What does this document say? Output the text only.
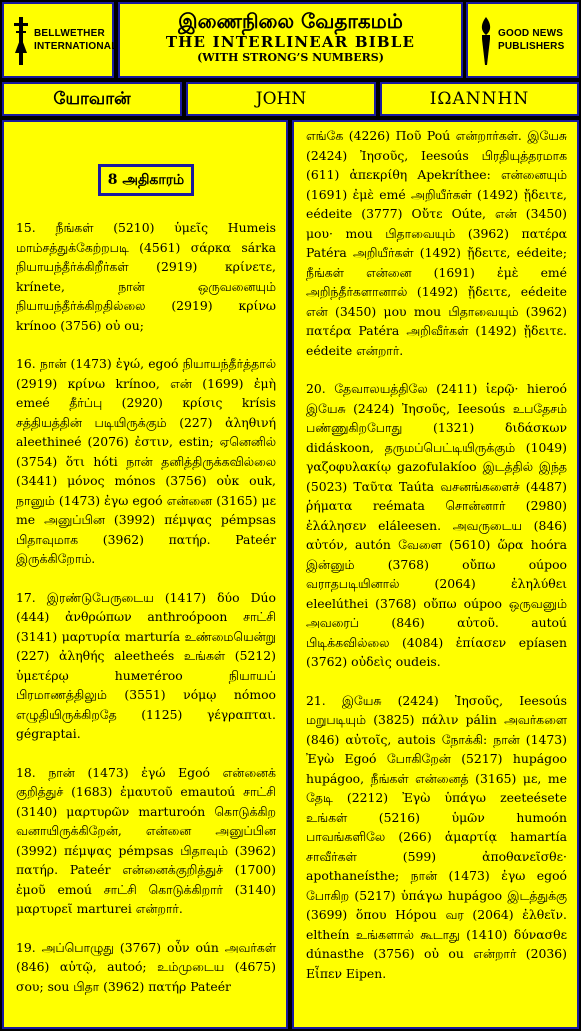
BELLWETHER
INTERNATIONAL
இணைநிலை வேதாகமம்
THE INTERLINEAR BIBLE
(WITH STRONG’S NUMBERS)
GOOD NEWS
PUBLISHERS
யோவான்	JOHN	IΩANNHN
8 அதிகாரம்

15. நீங்கள் (5210) ὑμεῖς Humeis மாம்சத்துக்கேற்றபடி (4561) σάρκα sárka நியாயந்தீர்க்கிறீர்கள் (2919) κρίνετε, krínete, நான் ஒருவனையும் நியாயந்தீர்க்கிறதில்லை (2919) κρίνω krínoo (3756) οὐ ou;

16. நான் (1473) ἐγώ, egoó நியாயந்தீர்த்தால் (2919) κρίνω krínoo, என் (1699) ἐμὴ emeé தீர்ப்பு (2920) κρίσις krísis சத்தியத்தின் படியிருக்கும் (227) ἀληθινή aleethineé (2076) ἐστιν, estin; ஏனெனில் (3754) ὅτι hóti நான் தனித்திருக்கவில்லை (3441) μόνος mónos (3756) οὐκ ouk, நானும் (1473) ἐγω egoó என்னை (3165) με me அனுப்பின (3992) πέμψας pémpsas பிதாவுமாக (3962) πατήρ. Pateér இருக்கிறோம்.

17. இரண்டுபேருடைய (1417) δύο Dúo (444) ἀνθρώπων anthroópoon சாட்சி (3141) μαρτυρία marturía உண்மையென்று (227) ἀληθής aleetheés உங்கள் (5212) ὑμετέρῳ huметéroo நியாயப் பிரமாணத்திலும் (3551) νόμῳ nómoo எழுதியிருக்கிறதே (1125) γέγραπται. gégraptai.

18. நான் (1473) ἐγώ Egoó என்னைக் குறித்துச் (1683) ἐμαυτοῦ emautoú சாட்சி (3140) μαρτυρῶν marturoón கொடுக்கிற வனாயிருக்கிறேன், என்னை அனுப்பின (3992) πέμψας pémpsas பிதாவும் (3962) πατήρ. Pateér என்னைக்குறித்துச் (1700) ἐμοῦ emoú சாட்சி கொடுக்கிறார் (3140) μαρτυρεῖ marturei என்றார்.

19. அப்பொழுது (3767) οὖν oún அவர்கள் (846) αὐτῷ, autoó; உம்முடைய (4675) σου; sou பிதா (3962) πατήρ Pateér

எங்கே (4226) Ποῦ Poú என்றார்கள். இயேசு (2424) Ἰησοῦς, Ieesoús பிரதியுத்தரமாக (611) ἀπεκρίθη Apekríthee: என்னையும் (1691) ἐμὲ emé அறியீர்கள் (1492) ᾔδειτε, eédeite (3777) Οὔτε Oúte, என் (3450) μου· mou பிதாவையும் (3962) πατέρα Patéra அறியீர்கள் (1492) ᾔδειτε, eédeite; நீங்கள் என்னை (1691) ἐμὲ emé அறிந்தீர்களானால் (1492) ᾔδειτε, eédeite என் (3450) μου mou பிதாவையும் (3962) πατέρα Patéra அறிவீர்கள் (1492) ᾔδειτε. eédeite என்றார்.

20. தேவாலயத்திலே (2411) ἱερῷ· hieroó இயேசு (2424) Ἰησοῦς, Ieesoús உபதேசம் பண்ணுகிறபோது (1321) διδάσκων didáskoon, தருமப்பெட்டியிருக்கும் (1049) γαζοφυλακίῳ gazofulakíoo இடத்தில் இந்த (5023) Ταῦτα Taúta வசனங்களைச் (4487) ῥήματα reémata சொன்னார் (2980) ἐλάλησεν eláleesen. அவருடைய (846) αὐτόν, autón வேளை (5610) ὥρα hoóra இன்னும் (3768) οὔπω oúpoo வராதபடியினால் (2064) ἐληλύθει eleelúthei (3768) οὔπω oúpoo ஒருவனும் அவரைப் (846) αὐτοῦ. autoú பிடிக்கவில்லை (4084) ἐπίασεν epíasen (3762) οὐδεὶς oudeis.

21. இயேசு (2424) Ἰησοῦς, Ieesoús மறுபடியும் (3825) πάλιν pálin அவர்களை (846) αὐτοῖς, autois நோக்கி: நான் (1473) Ἐγὼ Egoó போகிறேன் (5217) hupágoo hupágoo, நீங்கள் என்னைத் (3165) με, me தேடி (2212) Ἐγὼ ὑπάγω zeeteésete உங்கள் (5216) ὑμῶν humoón பாவங்களிலே (266) ἁμαρτίᾳ hamartía சாவீர்கள் (599) ἀποθανεῖσθε· apothaneísthe; நான் (1473) ἐγω egoó போகிற (5217) ὑπάγω hupágoo இடத்துக்கு (3699) ὅπου Hópou வர (2064) ἐλθεῖν. eltheín உங்களால் கூடாது (1410) δύνασθε dúnasthe (3756) οὐ ou என்றார் (2036) Εἶπεν Eipen.
